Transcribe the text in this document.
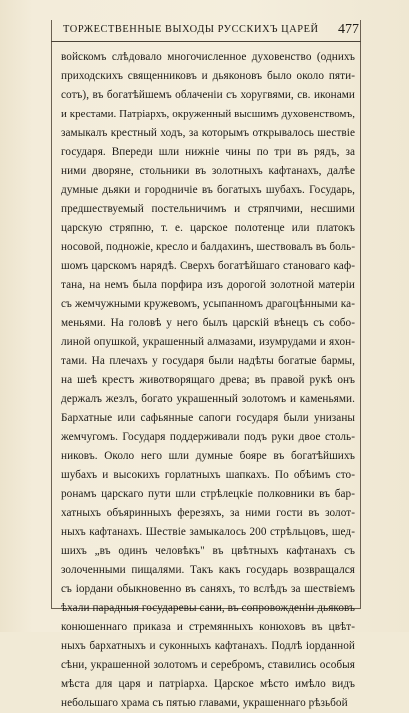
ТОРЖЕСТВЕННЫЕ ВЫХОДЫ РУССКИХЪ ЦАРЕЙ 477
войскомъ слѣдовало многочисленное духовенство (однихъ
приходскихъ священниковъ и дьяконовъ было около пяти-
сотъ), въ богатѣйшемъ облаченіи съ хоругвями, св. иконами
и крестами. Патріархъ, окруженный высшимъ духовенствомъ,
замыкалъ крестный ходъ, за которымъ открывалось шествіе
государя. Впереди шли нижніе чины по три въ рядъ, за
ними дворяне, стольники въ золотныхъ кафтанахъ, далѣе
думные дьяки и городничіе въ богатыхъ шубахъ. Государь,
предшествуемый постельничимъ и стряпчими, несшими
царскую стряпню, т. е. царское полотенце или платокъ
носовой, подножіе, кресло и балдахинъ, шествовалъ въ боль-
шомъ царскомъ нарядѣ. Сверхъ богатѣйшаго становаго каф-
тана, на немъ была порфира изъ дорогой золотной матеріи
съ жемчужными кружевомъ, усыпанномъ драгоцѣнными ка-
меньями. На головѣ у него былъ царскій вѣнецъ съ собо-
линой опушкой, украшенный алмазами, изумрудами и яхон-
тами. На плечахъ у государя были надѣты богатые бармы,
на шеѣ крестъ животворящаго древа; въ правой рукѣ онъ
держалъ жезлъ, богато украшенный золотомъ и каменьями.
Бархатные или сафьянные сапоги государя были унизаны
жемчугомъ. Государя поддерживали подъ руки двое столь-
никовъ. Около него шли думные бояре въ богатѣйшихъ
шубахъ и высокихъ горлатныхъ шапкахъ. По обѣимъ сто-
ронамъ царскаго пути шли стрѣлецкіе полковники въ бар-
хатныхъ объяринныхъ ферезяхъ, за ними гости въ золот-
ныхъ кафтанахъ. Шествіе замыкалось 200 стрѣльцовъ, шед-
шихъ „въ одинъ человѣкъ" въ цвѣтныхъ кафтанахъ съ
золоченными пищалями. Такъ какъ государь возвращался
съ іордани обыкновенно въ саняхъ, то вслѣдъ за шествіемъ
ѣхали парадныя государевы сани, въ сопровожденіи дьяковъ
конюшеннаго приказа и стремянныхъ конюховъ въ цвѣт-
ныхъ бархатныхъ и суконныхъ кафтанахъ. Подлѣ іорданной
сѣни, украшенной золотомъ и серебромъ, ставились особыя
мѣста для царя и патріарха. Царское мѣсто имѣло видъ
небольшаго храма съ пятью главами, украшеннаго рѣзьбой
